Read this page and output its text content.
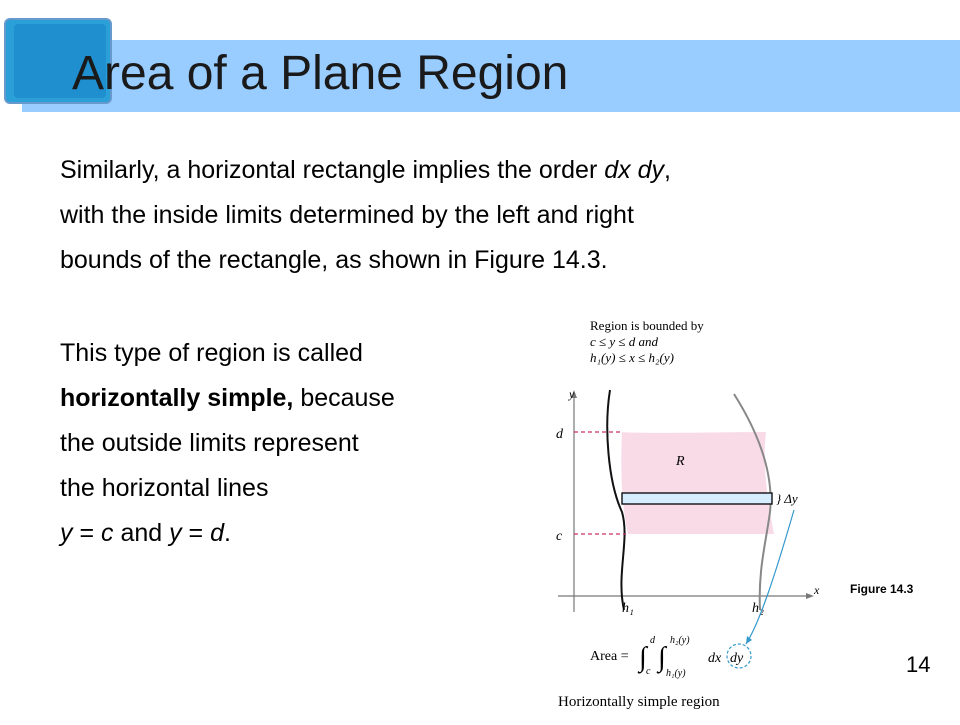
Area of a Plane Region
Similarly, a horizontal rectangle implies the order dx dy,
with the inside limits determined by the left and right
bounds of the rectangle, as shown in Figure 14.3.
This type of region is called
horizontally simple, because
the outside limits represent
the horizontal lines
y = c and y = d.
Region is bounded by
c ≤ y ≤ d and
h₁(y) ≤ x ≤ h₂(y)
y
x
d
c
R
} Δy
h₁	h₂
Area = ∫
d
c ∫
h₂(y)
h₁(y)
dx dy
Horizontally simple region
Figure 14.3
14
